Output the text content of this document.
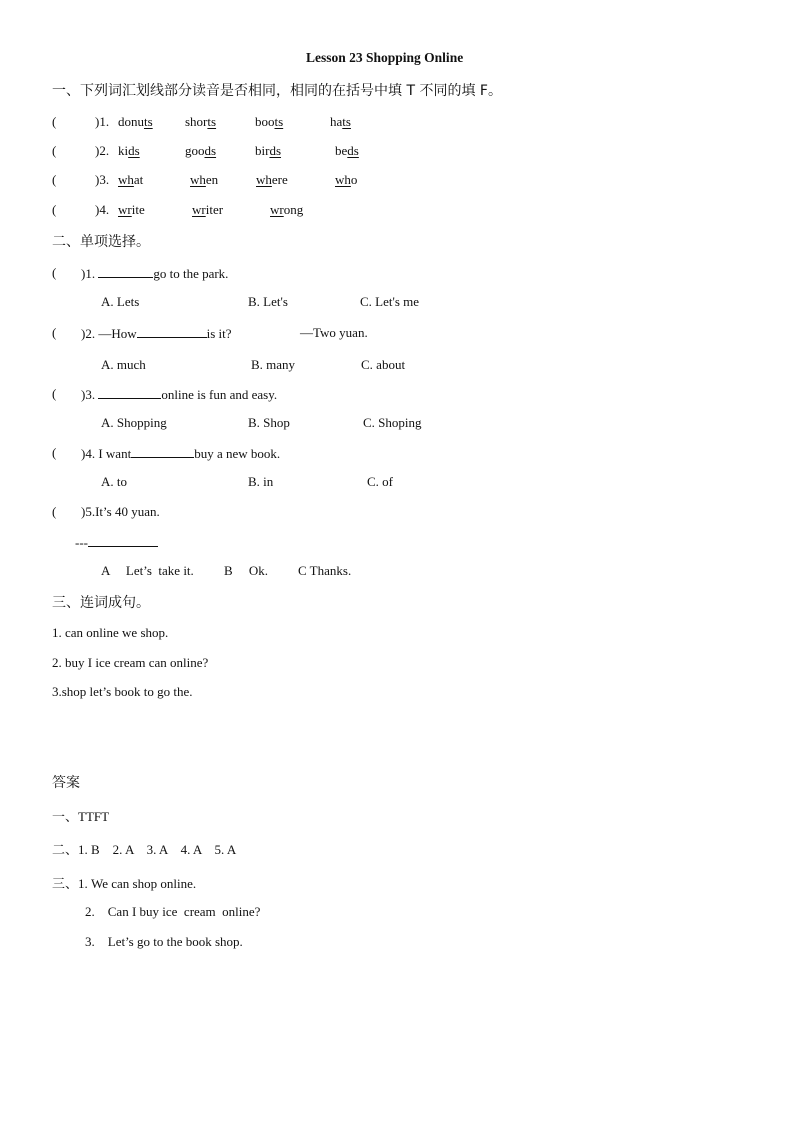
Lesson 23 Shopping Online
一、下列词汇划线部分读音是否相同，相同的在括号中填 T 不同的填 F。
(	)1. donuts shorts	boots	hats
(	)2. kids	goods	birds	beds
(	)3. what	when	where	who
(	)4. write	writer	wrong
二、单项选择。
( )1.	go to the park.
A. Lets	B. Let's	C. Let's me
( )2. —How	is it?	—Two yuan.
A. much	B. many	C. about
( )3.	online is fun and easy.
A. Shopping	B. Shop	C. Shoping
( )4. I want	buy a new book.
A. to	B. in	C. of
( )5.It’s 40 yuan.
---
A     Let’s  take it. B     Ok. C Thanks.
三、连词成句。
1. can online we shop.
2. buy I ice cream can online?
3.shop let’s book to go the.
答案
一、TTFT
二、1. B    2. A    3. A    4. A    5. A
三、1. We can shop online.
2.    Can I buy ice  cream  online?
3.    Let’s go to the book shop.
